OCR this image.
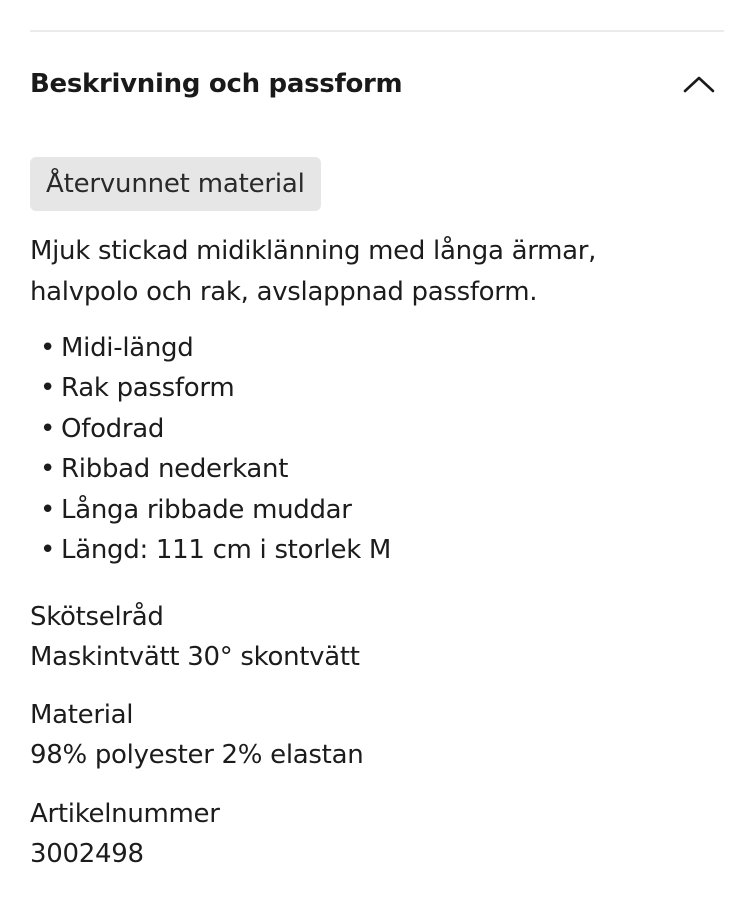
Beskrivning och passform
Återvunnet material

Mjuk stickad midiklänning med långa ärmar, halvpolo och rak, avslappnad passform.

• Midi-längd
• Rak passform
• Ofodrad
• Ribbad nederkant
• Långa ribbade muddar
• Längd: 111 cm i storlek M
Skötselråd
Maskintvätt 30° skontvätt
Material
98% polyester 2% elastan
Artikelnummer
3002498
